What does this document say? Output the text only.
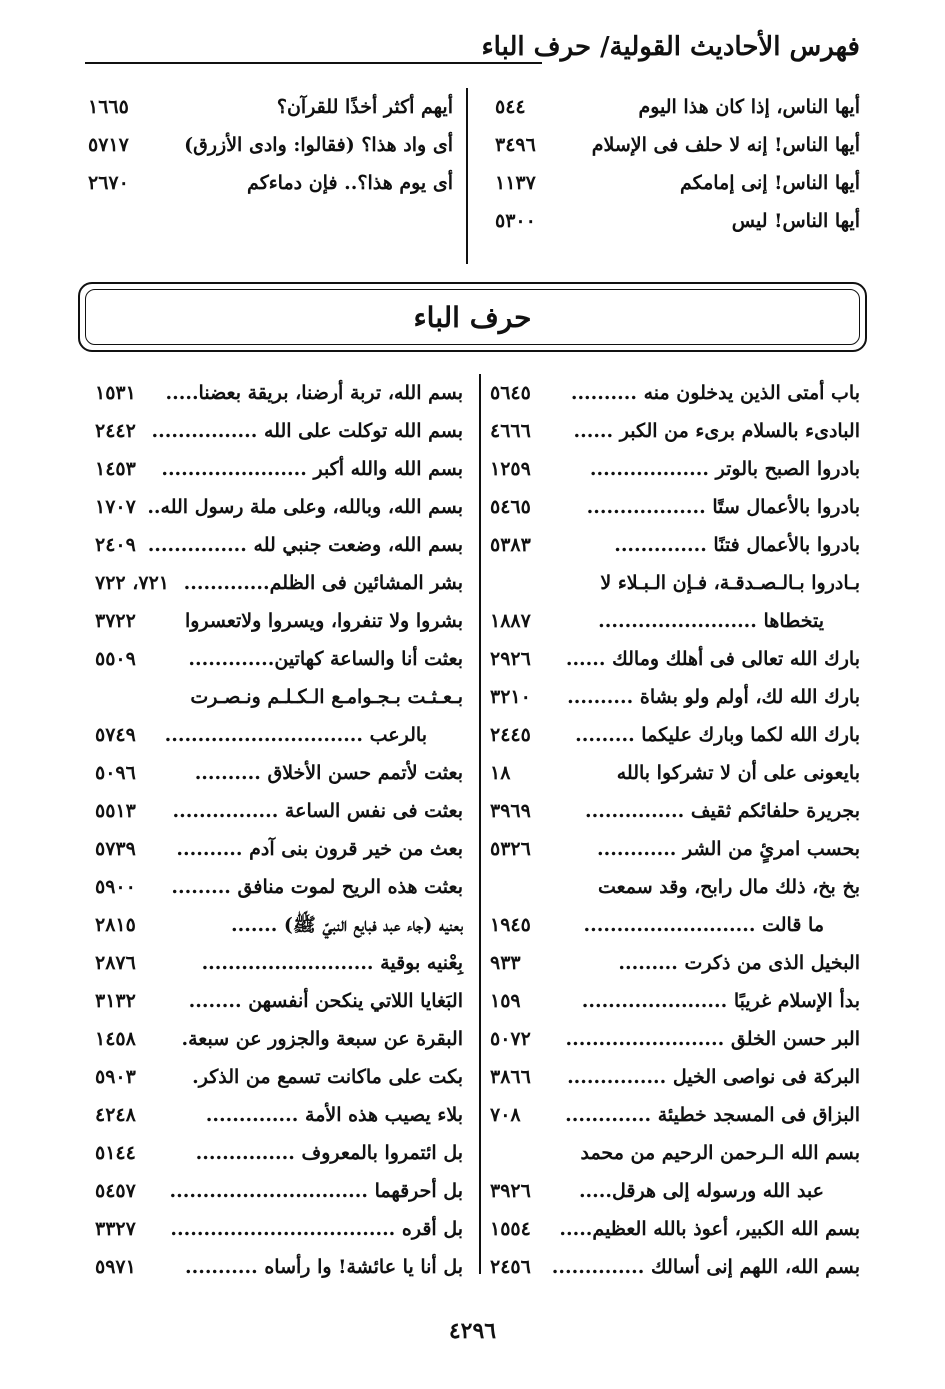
فهرس الأحاديث القولية/ حرف الباء
أيها الناس، إذا كان هذا اليوم
٥٤٤
أيها الناس! إنه لا حلف فى الإسلام
٣٤٩٦
أيها الناس! إنى إمامكم
١١٣٧
أيها الناس! ليس
٥٣٠٠
أيهم أكثر أخذًا للقرآن؟
١٦٦٥
أى واد هذا؟ (فقالوا: وادى الأزرق)
٥٧١٧
أى يوم هذا؟.. فإن دماءكم
٢٦٧٠
حرف الباء
باب أمتى الذين يدخلون منه ..........
٥٦٤٥
البادىء بالسلام برىء من الكبر ......
٤٦٦٦
بادروا الصبح بالوتر ..................
١٢٥٩
بادروا بالأعمال ستًا ..................
٥٤٦٥
بادروا بالأعمال فتنًا ..............
٥٣٨٣
بـادروا بـالـصـدقـة، فـإن الـبـلاء لا
يتخطاها ........................
١٨٨٧
بارك الله تعالى فى أهلك ومالك ......
٢٩٢٦
بارك الله لك، أولم ولو بشاة ..........
٣٢١٠
بارك الله لكما وبارك عليكما .........
٢٤٤٥
بايعونى على أن لا تشركوا بالله
١٨
بجريرة حلفائكم ثقيف ...............
٣٩٦٩
بحسب امرئٍ من الشر ............
٥٣٢٦
بخ بخ، ذلك مال رابح، وقد سمعت
ما قالت ..........................
١٩٤٥
البخيل الذى من ذكرت .........
٩٣٣
بدأ الإسلام غريبًا ......................
١٥٩
البر حسن الخلق ........................
٥٠٧٢
البركة فى نواصى الخيل ...............
٣٨٦٦
البزاق فى المسجد خطيئة .............
٧٠٨
بسم الله الـرحمن الرحيم من محمد
عبد الله ورسوله إلى هرقل.....
٣٩٢٦
بسم الله الكبير، أعوذ بالله العظيم.....
١٥٥٤
بسم الله، اللهم إنى أسالك ..............
٢٤٥٦
بسم الله، تربة أرضنا، بريقة بعضنا.....
١٥٣١
بسم الله توكلت على الله ................
٢٤٤٢
بسم الله والله أكبر ......................
١٤٥٣
بسم الله، وبالله، وعلى ملة رسول الله..
١٧٠٧
بسم الله، وضعت جنبي لله ...............
٢٤٠٩
بشر المشائين فى الظلم.............
٧٢١، ٧٢٢
بشروا ولا تنفروا، ويسروا ولاتعسروا
٣٧٢٢
بعثت أنا والساعة كهاتين.............
٥٥٠٩
بـعـثـت بـجـوامـع الـكـلـم ونـصـرت
بالرعب ..............................
٥٧٤٩
بعثت لأتمم حسن الأخلاق ..........
٥٠٩٦
بعثت فى نفس الساعة ................
٥٥١٣
بعث من خير قرون بنى آدم ..........
٥٧٣٩
بعثت هذه الريح لموت منافق .........
٥٩٠٠
بعنيه (جاء عبد فبايع النبيّ ﷺ) .......
٢٨١٥
بِعْنيه بوقية ..........................
٢٨٧٦
البَغايا اللاتي ينكحن أنفسهن ........
٣١٣٢
البقرة عن سبعة والجزور عن سبعة.
١٤٥٨
بكت على ماكانت تسمع من الذكر.
٥٩٠٣
بلاء يصيب هذه الأمة ..............
٤٢٤٨
بل ائتمروا بالمعروف ...............
٥١٤٤
بل أحرقهما ..............................
٥٤٥٧
بل أقره ..................................
٣٣٢٧
بل أنا يا عائشة! وا رأساه ...........
٥٩٧١
٤٢٩٦
